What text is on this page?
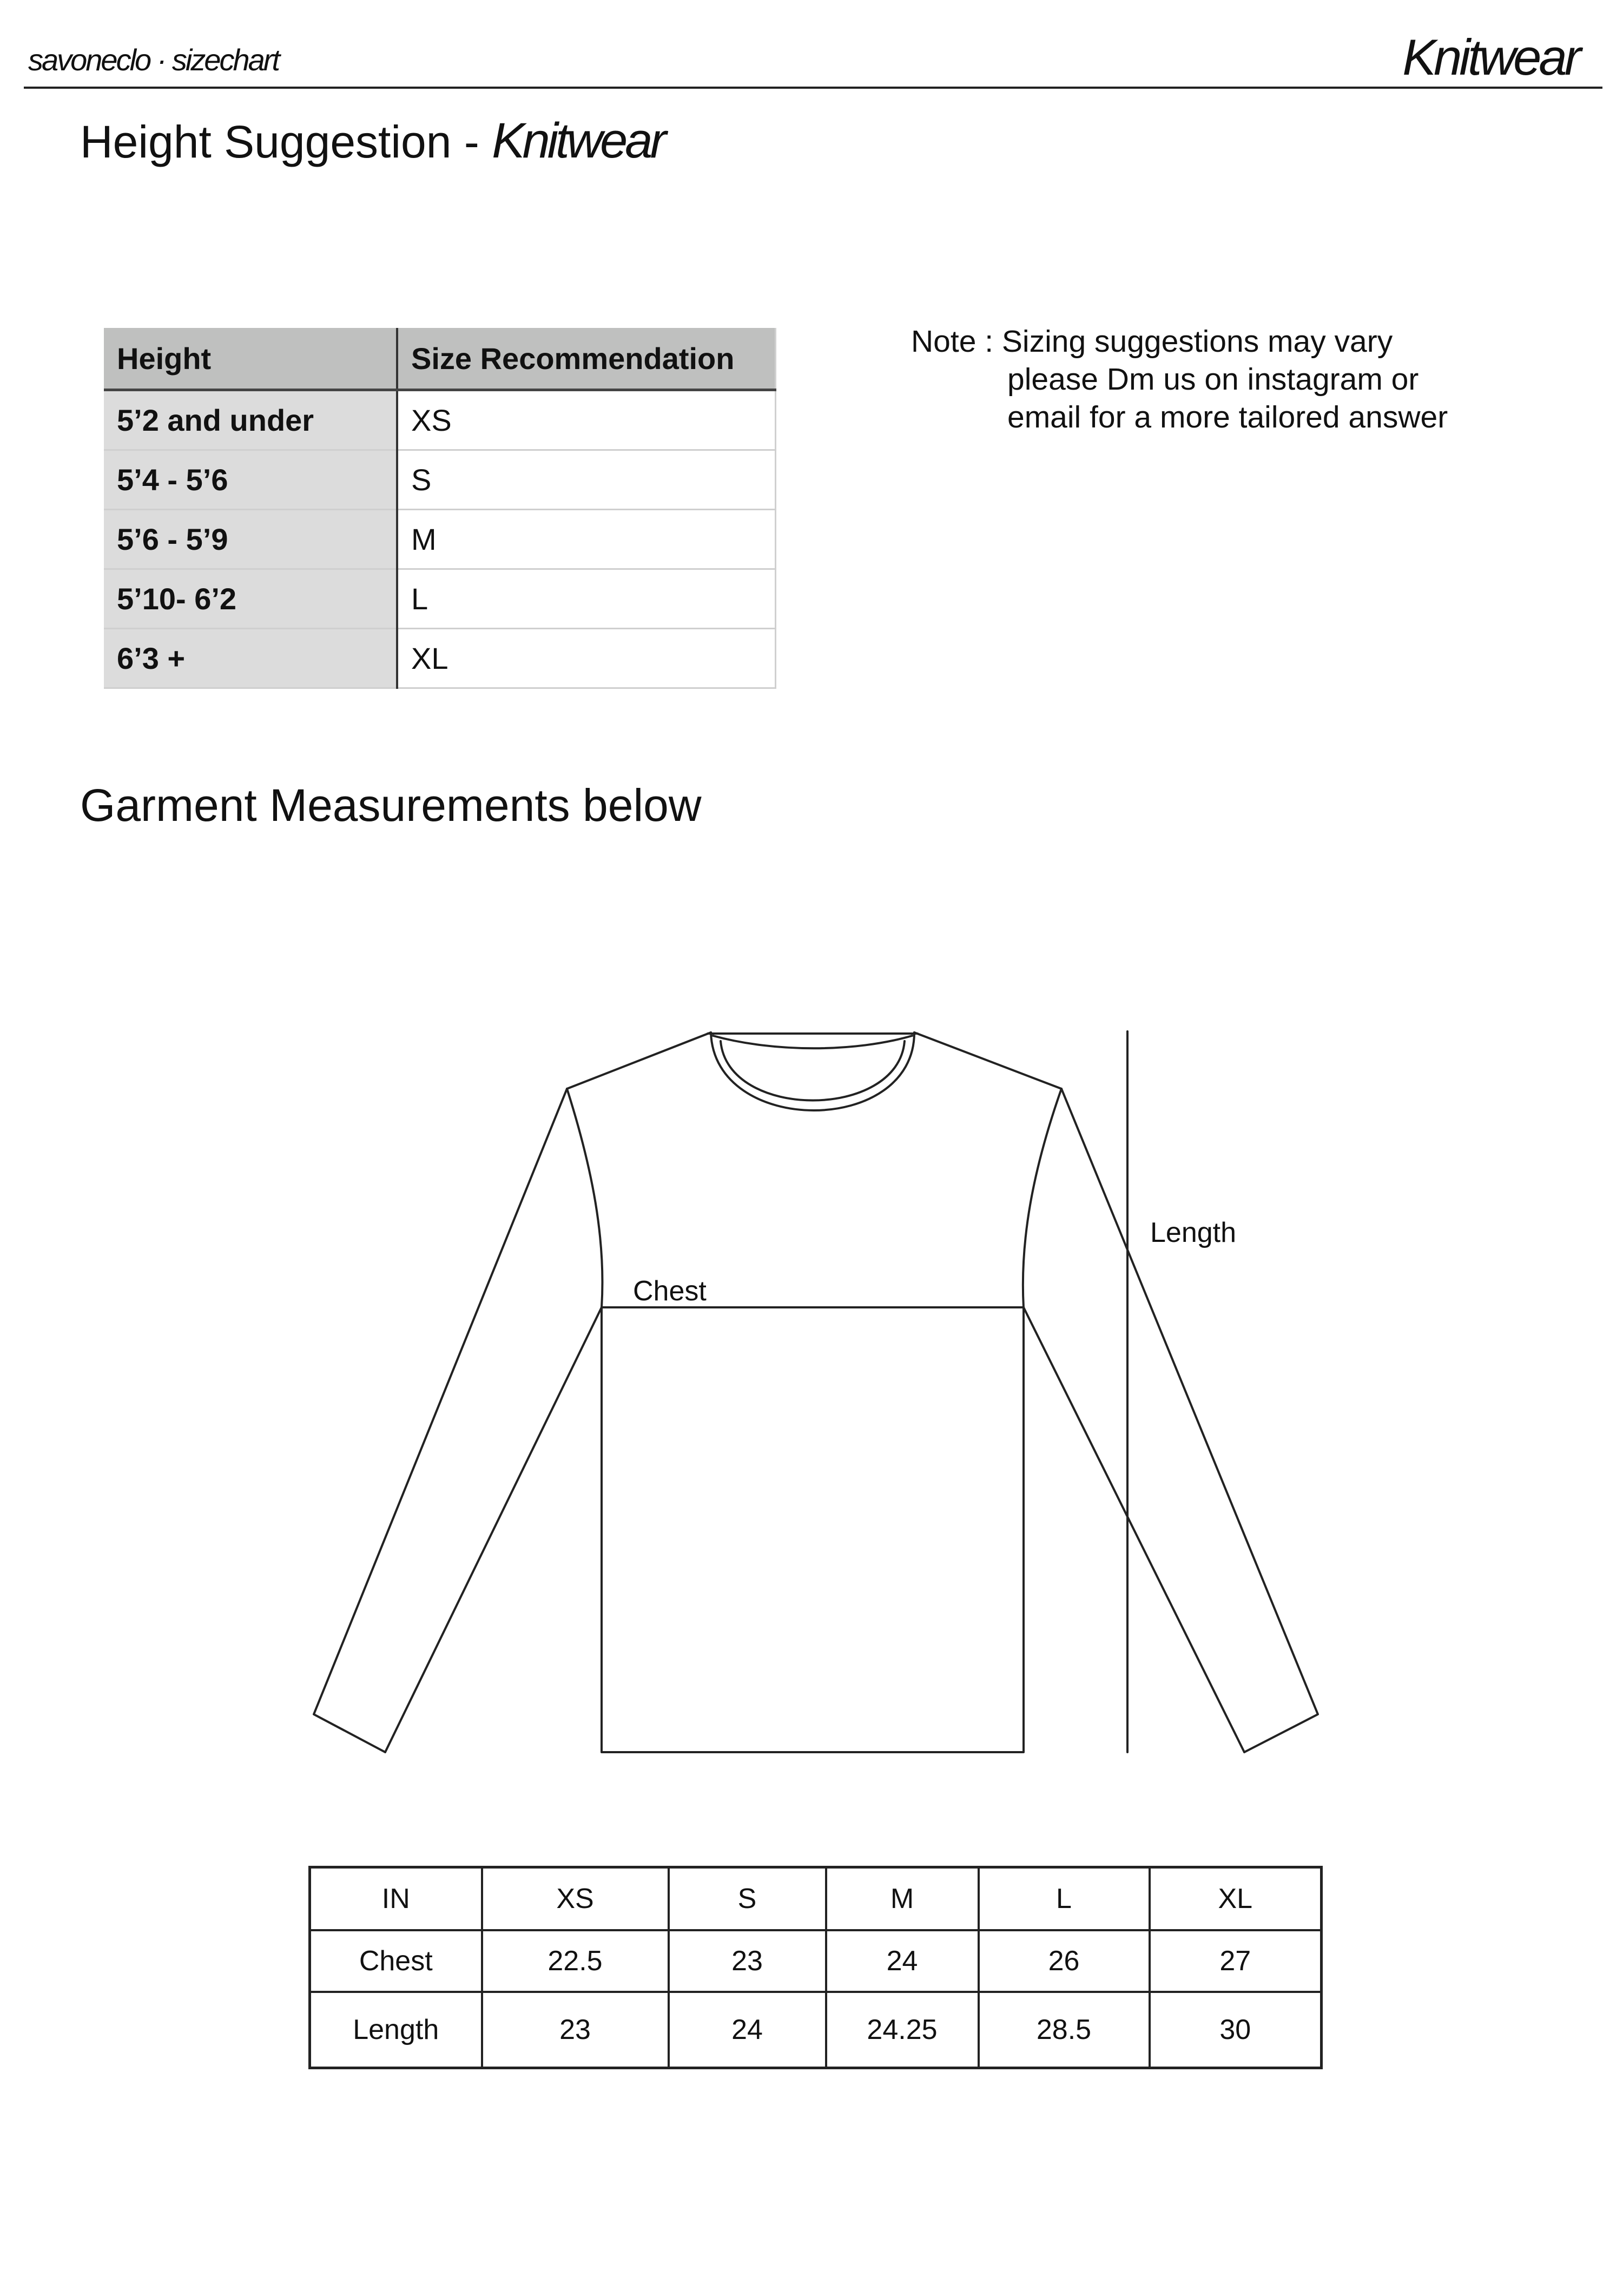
savoneclo · sizechart	Knitwear
Height Suggestion - Knitwear
Height	Size Recommendation
5’2 and under	XS
5’4 - 5’6	S
5’6 - 5’9	M
5’10- 6’2	L
6’3 +	XL
Note : Sizing suggestions may vary
please Dm us on instagram or
email for a more tailored answer
Garment Measurements below
Chest
Length
IN	XS	S	M	L	XL
Chest	22.5	23	24	26	27
Length	23	24	24.25	28.5	30
